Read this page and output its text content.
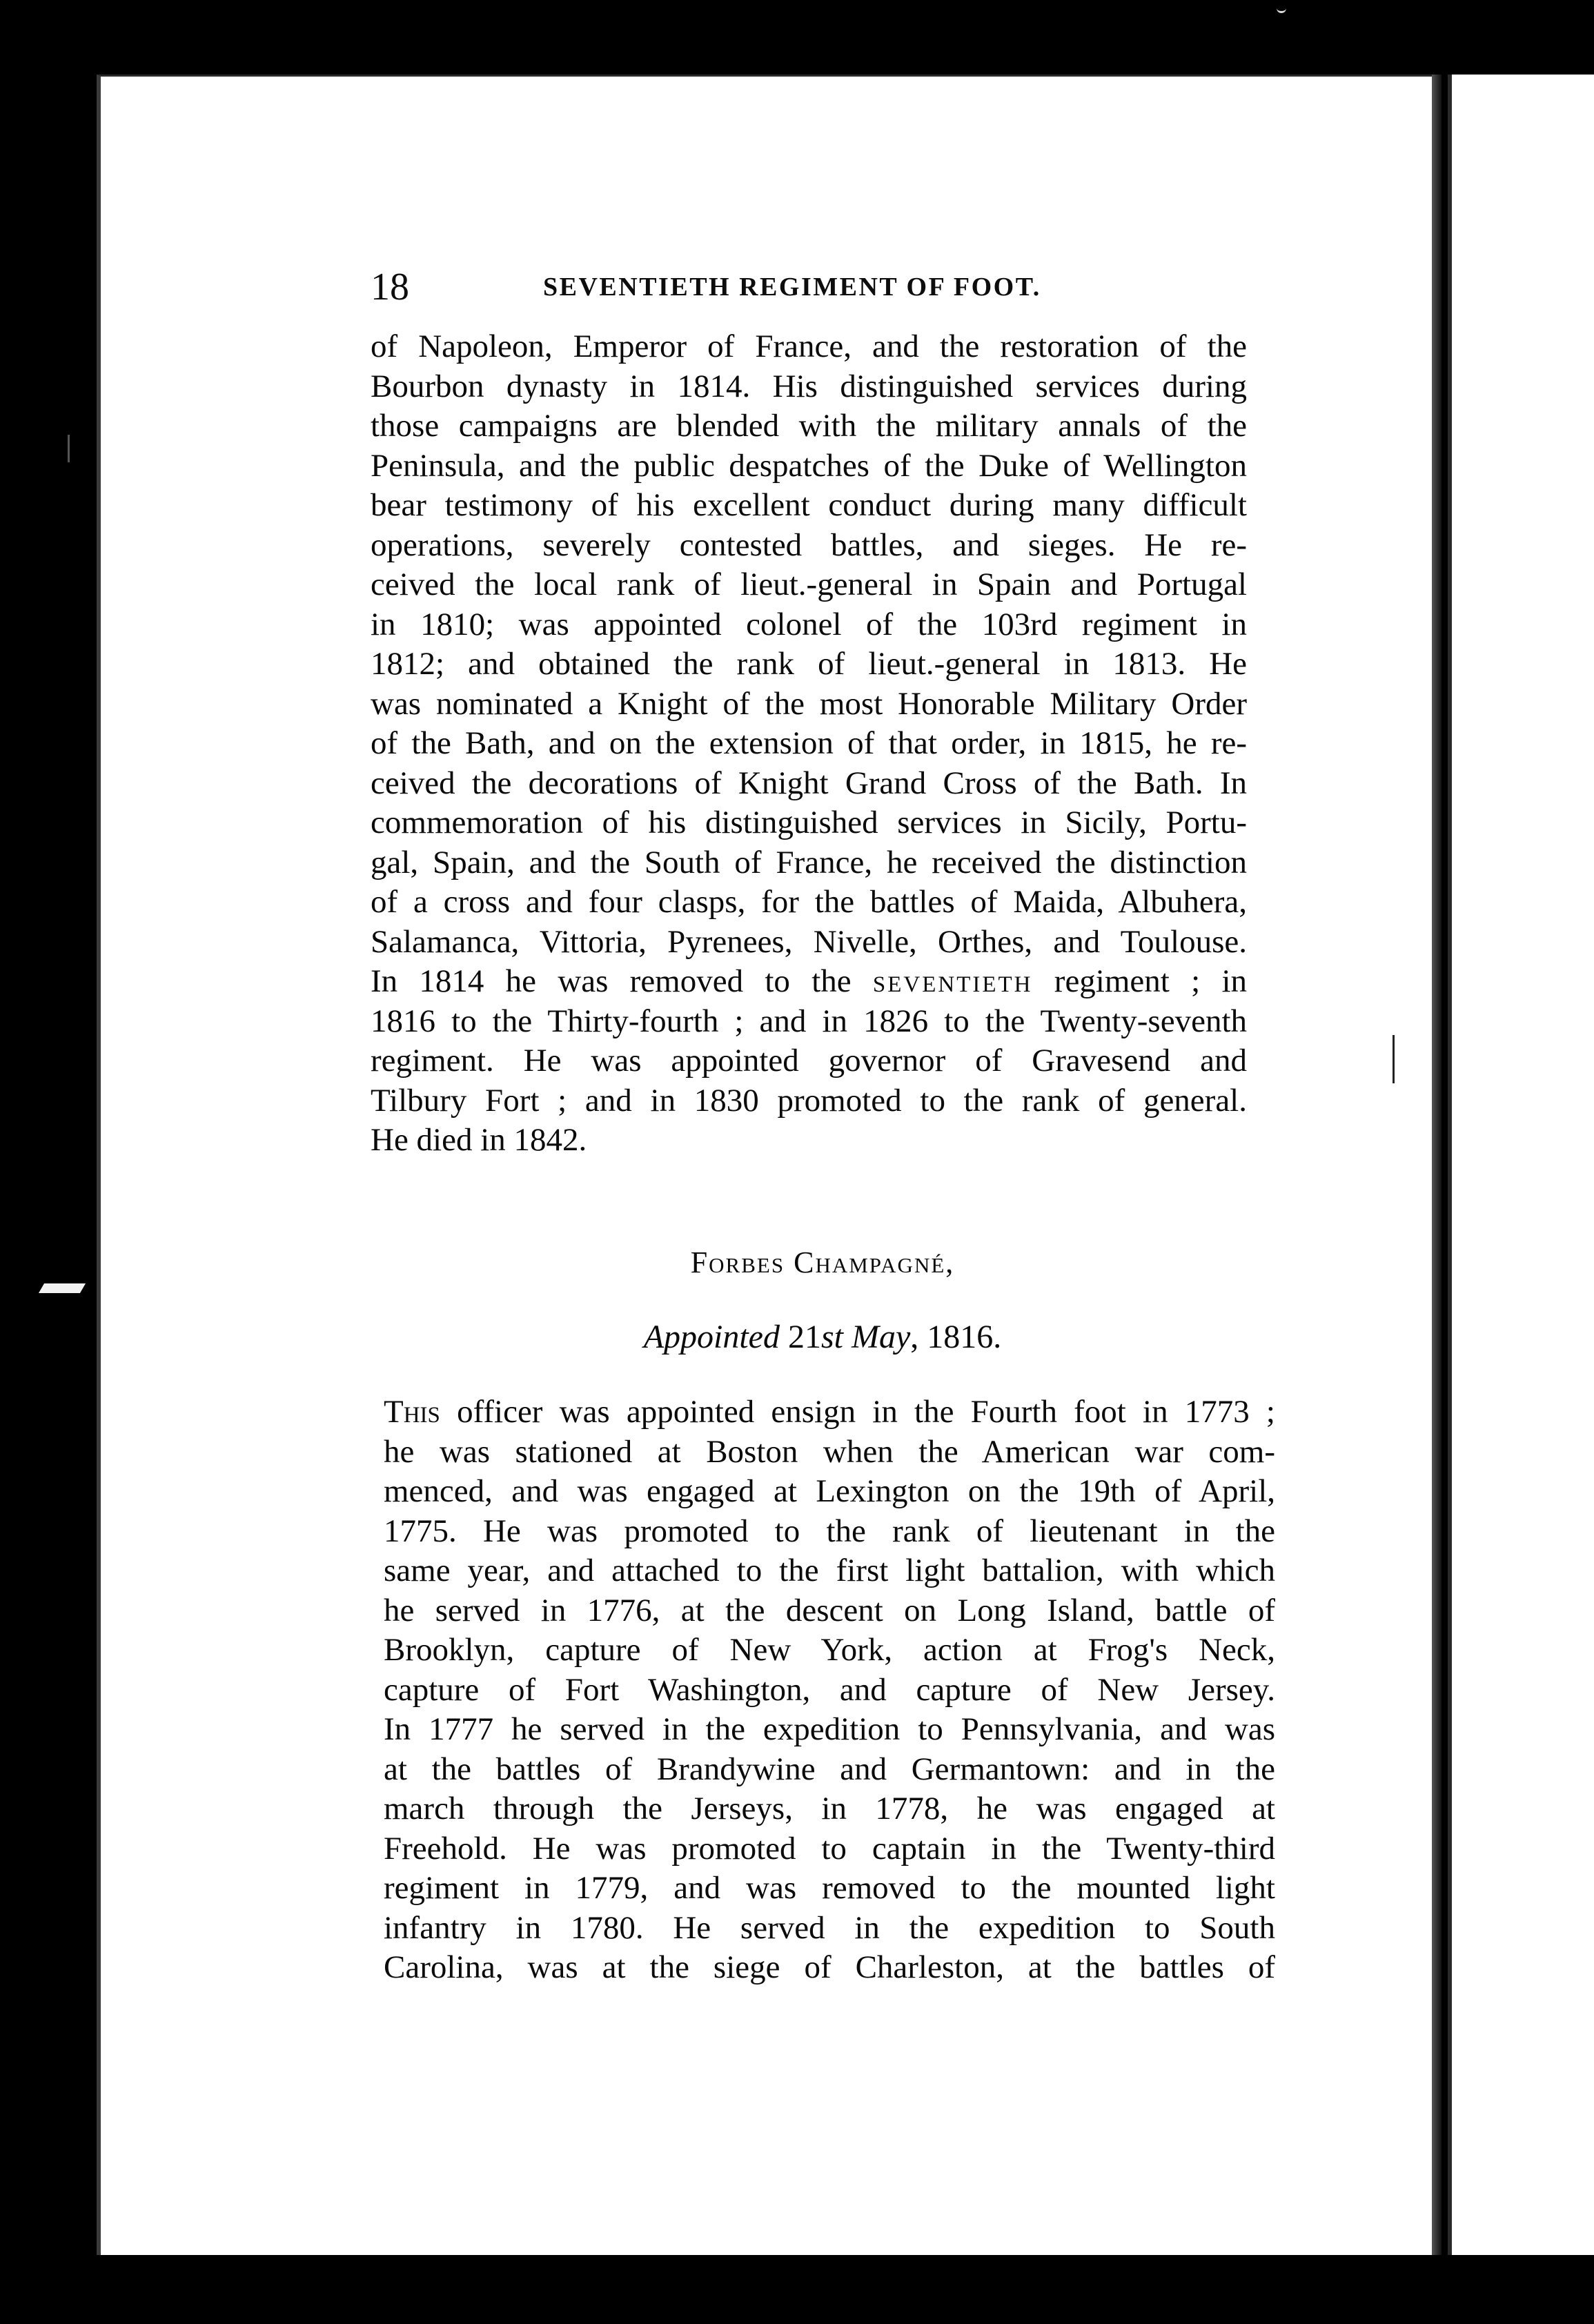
18	SEVENTIETH REGIMENT OF FOOT.
of Napoleon, Emperor of France, and the restoration of the
Bourbon dynasty in 1814. His distinguished services during
those campaigns are blended with the military annals of the
Peninsula, and the public despatches of the Duke of Wellington
bear testimony of his excellent conduct during many difficult
operations, severely contested battles, and sieges. He re-
ceived the local rank of lieut.-general in Spain and Portugal
in 1810; was appointed colonel of the 103rd regiment in
1812; and obtained the rank of lieut.-general in 1813. He
was nominated a Knight of the most Honorable Military Order
of the Bath, and on the extension of that order, in 1815, he re-
ceived the decorations of Knight Grand Cross of the Bath. In
commemoration of his distinguished services in Sicily, Portu-
gal, Spain, and the South of France, he received the distinction
of a cross and four clasps, for the battles of Maida, Albuhera,
Salamanca, Vittoria, Pyrenees, Nivelle, Orthes, and Toulouse.
In 1814 he was removed to the seventieth regiment ; in
1816 to the Thirty-fourth ; and in 1826 to the Twenty-seventh
regiment. He was appointed governor of Gravesend and
Tilbury Fort ; and in 1830 promoted to the rank of general.
He died in 1842.
Forbes Champagné,
Appointed 21st May, 1816.
This officer was appointed ensign in the Fourth foot in 1773 ;
he was stationed at Boston when the American war com-
menced, and was engaged at Lexington on the 19th of April,
1775. He was promoted to the rank of lieutenant in the
same year, and attached to the first light battalion, with which
he served in 1776, at the descent on Long Island, battle of
Brooklyn, capture of New York, action at Frog's Neck,
capture of Fort Washington, and capture of New Jersey.
In 1777 he served in the expedition to Pennsylvania, and was
at the battles of Brandywine and Germantown: and in the
march through the Jerseys, in 1778, he was engaged at
Freehold. He was promoted to captain in the Twenty-third
regiment in 1779, and was removed to the mounted light
infantry in 1780. He served in the expedition to South
Carolina, was at the siege of Charleston, at the battles of
